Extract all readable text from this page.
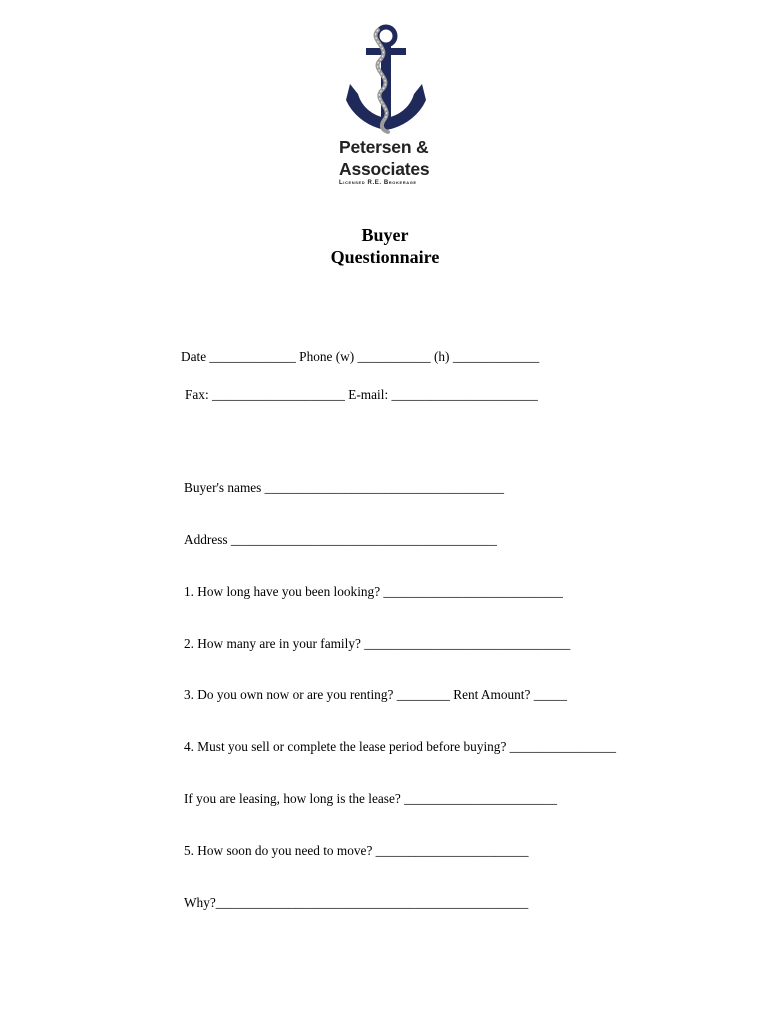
Petersen &
Associates
Licensed R.E. Brokerage
Buyer
Questionnaire
Date _____________ Phone (w) ___________ (h) _____________
Fax: ____________________ E-mail: ______________________
Buyer's names ____________________________________
Address ________________________________________
1. How long have you been looking? ___________________________
2. How many are in your family? _______________________________
3. Do you own now or are you renting? ________ Rent Amount? _____
4. Must you sell or complete the lease period before buying? ________________
If you are leasing, how long is the lease? _______________________
5. How soon do you need to move? _______________________
Why?_______________________________________________
